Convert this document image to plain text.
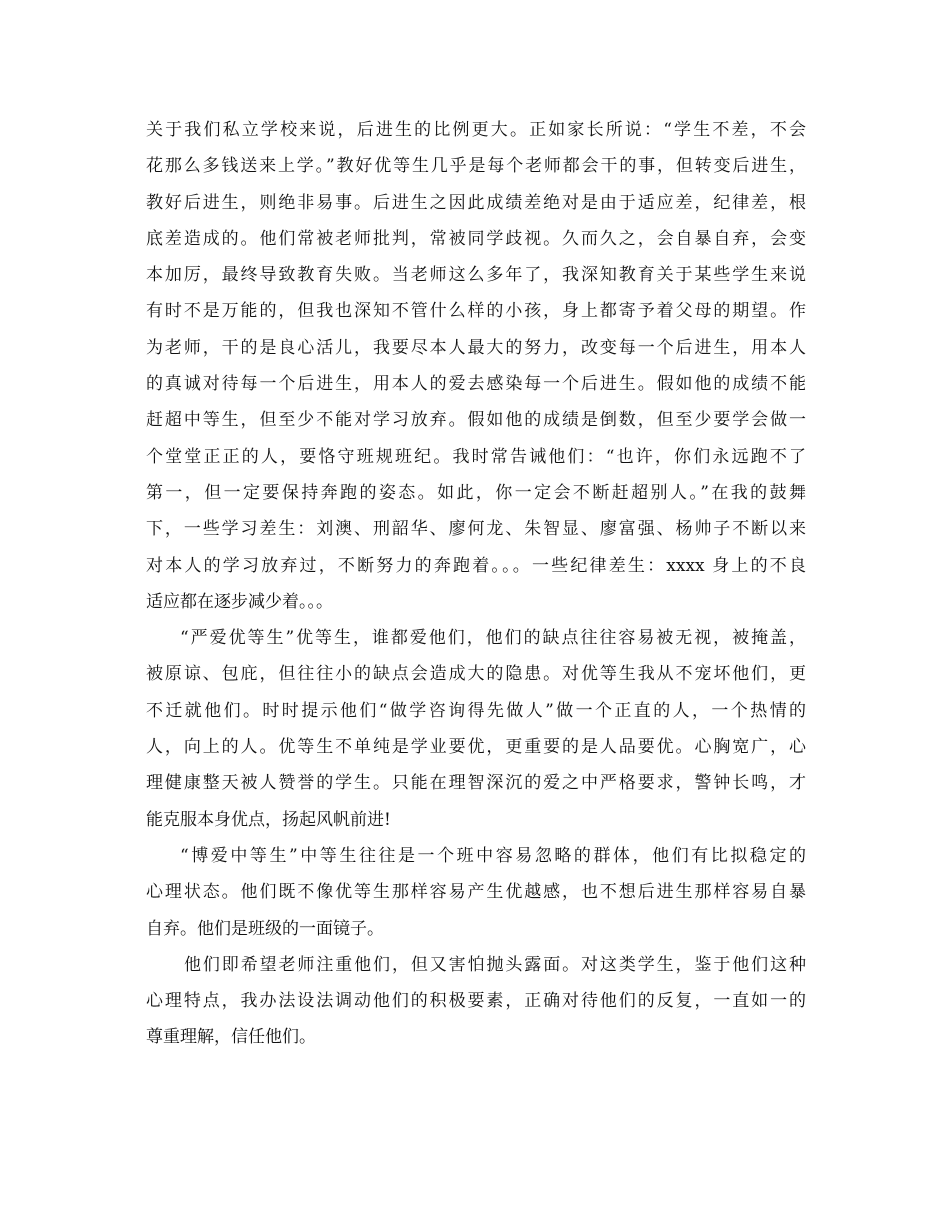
关于我们私立学校来说，后进生的比例更大。正如家长所说：“学生不差，不会
花那么多钱送来上学。”教好优等生几乎是每个老师都会干的事，但转变后进生，
教好后进生，则绝非易事。后进生之因此成绩差绝对是由于适应差，纪律差，根
底差造成的。他们常被老师批判，常被同学歧视。久而久之，会自暴自弃，会变
本加厉，最终导致教育失败。当老师这么多年了，我深知教育关于某些学生来说
有时不是万能的，但我也深知不管什么样的小孩，身上都寄予着父母的期望。作
为老师，干的是良心活儿，我要尽本人最大的努力，改变每一个后进生，用本人
的真诚对待每一个后进生，用本人的爱去感染每一个后进生。假如他的成绩不能
赶超中等生，但至少不能对学习放弃。假如他的成绩是倒数，但至少要学会做一
个堂堂正正的人，要恪守班规班纪。我时常告诫他们：“也许，你们永远跑不了
第一，但一定要保持奔跑的姿态。如此，你一定会不断赶超别人。”在我的鼓舞
下，一些学习差生：刘澳、刑韶华、廖何龙、朱智显、廖富强、杨帅子不断以来
对本人的学习放弃过，不断努力的奔跑着。。。一些纪律差生：xxxx 身上的不良
适应都在逐步减少着。。。
“严爱优等生”优等生，谁都爱他们，他们的缺点往往容易被无视，被掩盖，
被原谅、包庇，但往往小的缺点会造成大的隐患。对优等生我从不宠坏他们，更
不迁就他们。时时提示他们“做学咨询得先做人”做一个正直的人，一个热情的
人，向上的人。优等生不单纯是学业要优，更重要的是人品要优。心胸宽广，心
理健康整天被人赞誉的学生。只能在理智深沉的爱之中严格要求，警钟长鸣，才
能克服本身优点，扬起风帆前进!
“博爱中等生”中等生往往是一个班中容易忽略的群体，他们有比拟稳定的
心理状态。他们既不像优等生那样容易产生优越感，也不想后进生那样容易自暴
自弃。他们是班级的一面镜子。
他们即希望老师注重他们，但又害怕抛头露面。对这类学生，鉴于他们这种
心理特点，我办法设法调动他们的积极要素，正确对待他们的反复，一直如一的
尊重理解，信任他们。
